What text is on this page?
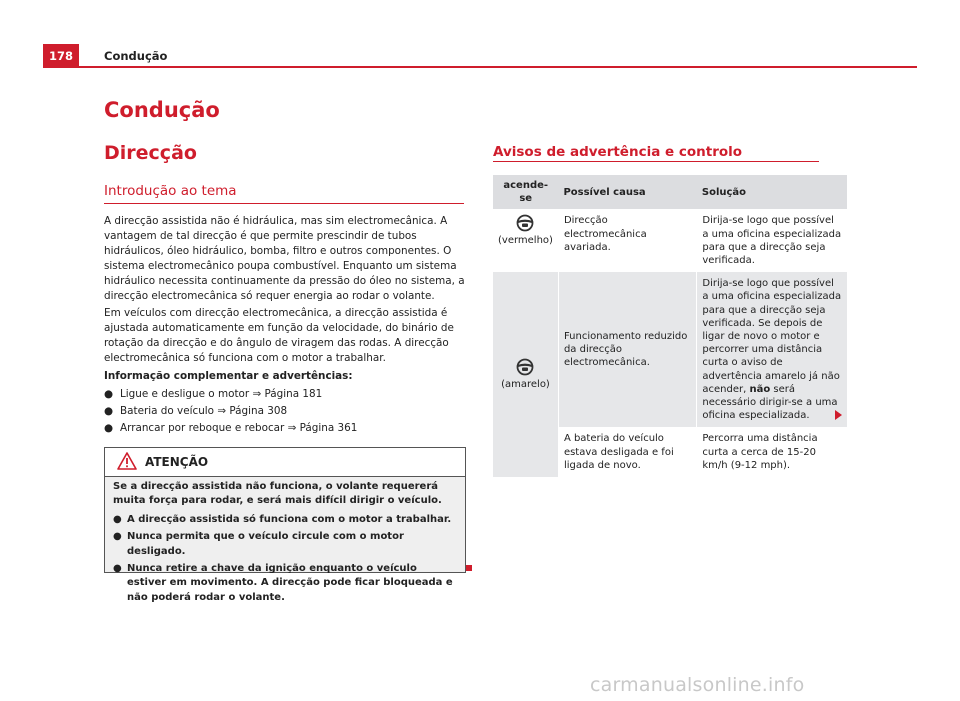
178	Condução
Condução
Direcção
Introdução ao tema
A direcção assistida não é hidráulica, mas sim electromecânica. A vantagem de tal direcção é que permite prescindir de tubos hidráulicos, óleo hidráulico, bomba, filtro e outros componentes. O sistema electromecânico poupa combustível. Enquanto um sistema hidráulico necessita continuamente da pressão do óleo no sistema, a direcção electromecânica só requer energia ao rodar o volante.
Em veículos com direcção electromecânica, a direcção assistida é ajustada automaticamente em função da velocidade, do binário de rotação da direcção e do ângulo de viragem das rodas. A direcção electromecânica só funciona com o motor a trabalhar.
Informação complementar e advertências:
● Ligue e desligue o motor ⇒ Página 181
● Bateria do veículo ⇒ Página 308
● Arrancar por reboque e rebocar ⇒ Página 361
ATENÇÃO

Se a direcção assistida não funciona, o volante requererá muita força para rodar, e será mais difícil dirigir o veículo.

● A direcção assistida só funciona com o motor a trabalhar.
● Nunca permita que o veículo circule com o motor desligado.
● Nunca retire a chave da ignição enquanto o veículo estiver em movimento. A direcção pode ficar bloqueada e não poderá rodar o volante.
Avisos de advertência e controlo
acende-se	Possível causa	Solução

(vermelho)	Direcção electromecânica avariada.	Dirija-se logo que possível a uma oficina especializada para que a direcção seja verificada.

(amarelo)	Funcionamento reduzido da direcção electromecânica.	Dirija-se logo que possível a uma oficina especializada para que a direcção seja verificada. Se depois de ligar de novo o motor e percorrer uma distância curta o aviso de advertência amarelo já não acender, não será necessário dirigir-se a uma oficina especializada.
	A bateria do veículo estava desligada e foi ligada de novo.	Percorra uma distância curta a cerca de 15-20 km/h (9-12 mph).
carmanualsonline.info
